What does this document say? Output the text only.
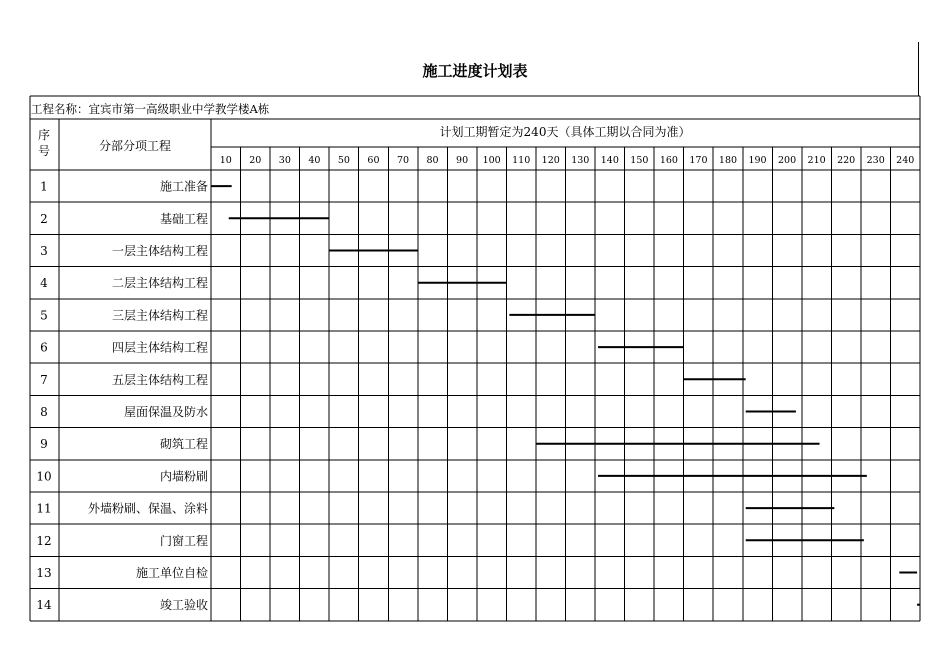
施工进度计划表
工程名称：宜宾市第一高级职业中学教学楼A栋
序
号	分部分项工程
计划工期暂定为240天（具体工期以合同为准）
10 20 30 40 50 60 70 80 90 100 110 120 130 140 150 160 170 180 190 200 210 220 230 240
1	施工准备
2	基础工程
3	一层主体结构工程
4	二层主体结构工程
5	三层主体结构工程
6	四层主体结构工程
7	五层主体结构工程
8	屋面保温及防水
9	砌筑工程
10	内墙粉刷
11	外墙粉刷、保温、涂料
12	门窗工程
13	施工单位自检
14	竣工验收
